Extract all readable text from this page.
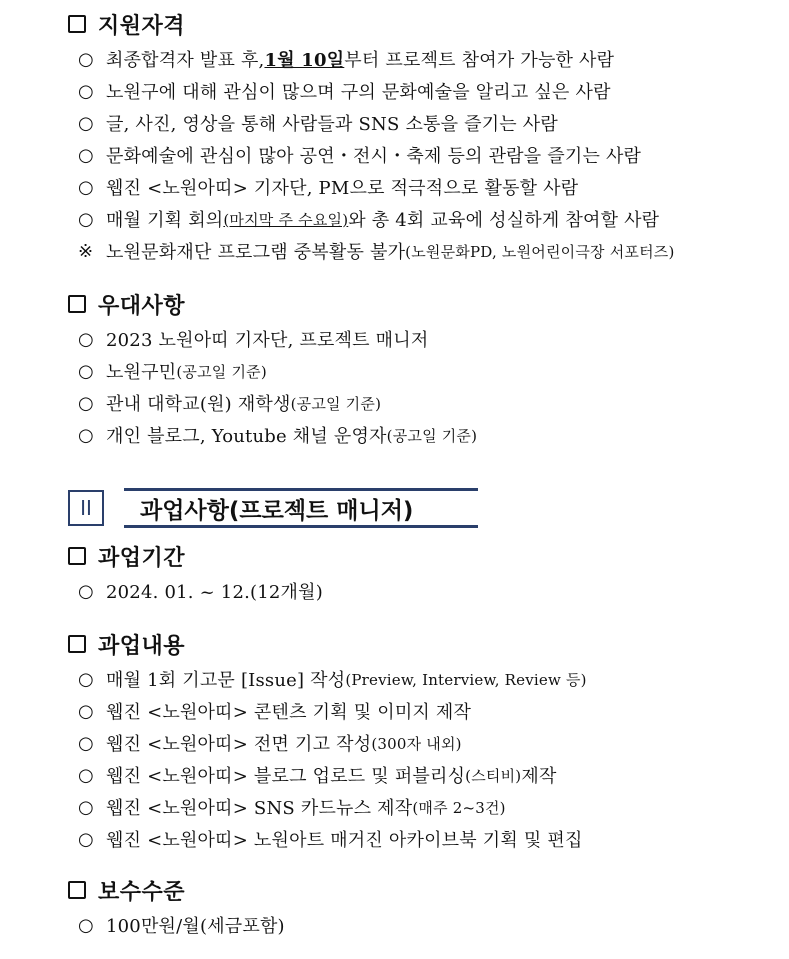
지원자격
○ 최종합격자 발표 후, 1월 10일 부터 프로젝트 참여가 가능한 사람
○ 노원구에 대해 관심이 많으며 구의 문화예술을 알리고 싶은 사람
○ 글, 사진, 영상을 통해 사람들과 SNS 소통을 즐기는 사람
○ 문화예술에 관심이 많아 공연・전시・축제 등의 관람을 즐기는 사람
○ 웹진 <노원아띠> 기자단, PM으로 적극적으로 활동할 사람
○ 매월 기획 회의 (마지막 주 수요일) 와 총 4회 교육에 성실하게 참여할 사람
※ 노원문화재단 프로그램 중복활동 불가 (노원문화PD, 노원어린이극장 서포터즈)
우대사항
○ 2023 노원아띠 기자단, 프로젝트 매니저
○ 노원구민 (공고일 기준)
○ 관내 대학교(원) 재학생 (공고일 기준)
○ 개인 블로그, Youtube 채널 운영자 (공고일 기준)
II	과업사항(프로젝트 매니저)
과업기간
○ 2024. 01. ~ 12.(12개월)
과업내용
○ 매월 1회 기고문 [Issue] 작성 (Preview, Interview, Review 등)
○ 웹진 <노원아띠> 콘텐츠 기획 및 이미지 제작
○ 웹진 <노원아띠> 전면 기고 작성 (300자 내외)
○ 웹진 <노원아띠> 블로그 업로드 및 퍼블리싱 (스티비) 제작
○ 웹진 <노원아띠> SNS 카드뉴스 제작 (매주 2~3건)
○ 웹진 <노원아띠> 노원아트 매거진 아카이브북 기획 및 편집
보수수준
○ 100만원/월(세금포함)
